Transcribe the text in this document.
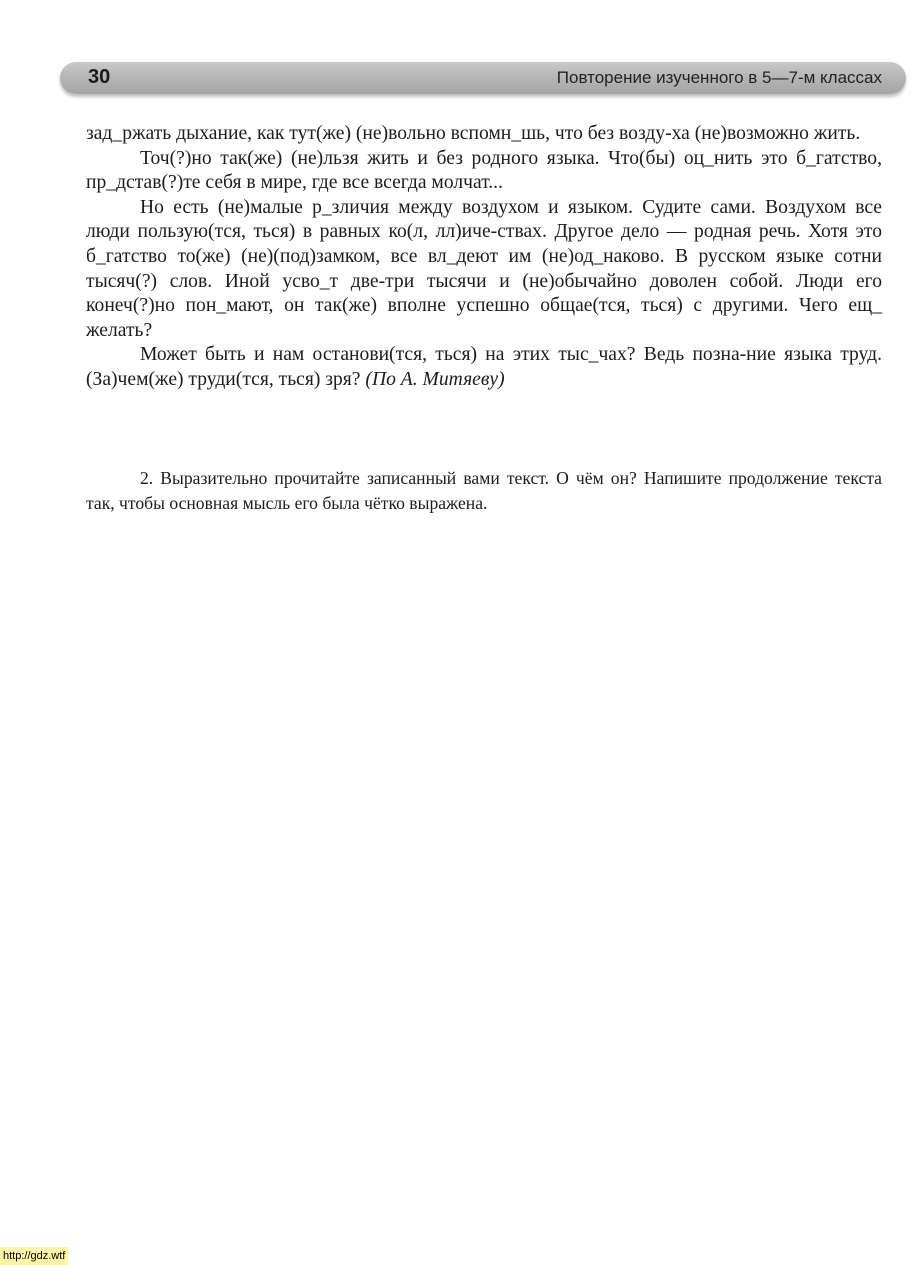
30	Повторение изученного в 5—7-м классах

зад_ржать дыхание, как тут(же) (не)вольно вспомн_шь, что без возду-ха (не)возможно жить.

Точ(?)но так(же) (не)льзя жить и без родного языка. Что(бы) оц_нить это б_гатство, пр_дстав(?)те себя в мире, где все всегда молчат...

Но есть (не)малые р_зличия между воздухом и языком. Судите сами. Воздухом все люди пользую(тся, ться) в равных ко(л, лл)иче-ствах. Другое дело — родная речь. Хотя это б_гатство то(же) (не)(под)замком, все вл_деют им (не)од_наково. В русском языке сотни тысяч(?) слов. Иной усво_т две-три тысячи и (не)обычайно доволен собой. Люди его конеч(?)но пон_мают, он так(же) вполне успешно общае(тся, ться) с другими. Чего ещ_ желать?

Может быть и нам останови(тся, ться) на этих тыс_чах? Ведь позна-ние языка труд. (За)чем(же) труди(тся, ться) зря? (По А. Митяеву)

2. Выразительно прочитайте записанный вами текст. О чём он? Напишите продолжение текста так, чтобы основная мысль его была чётко выражена.

http://gdz.wtf
